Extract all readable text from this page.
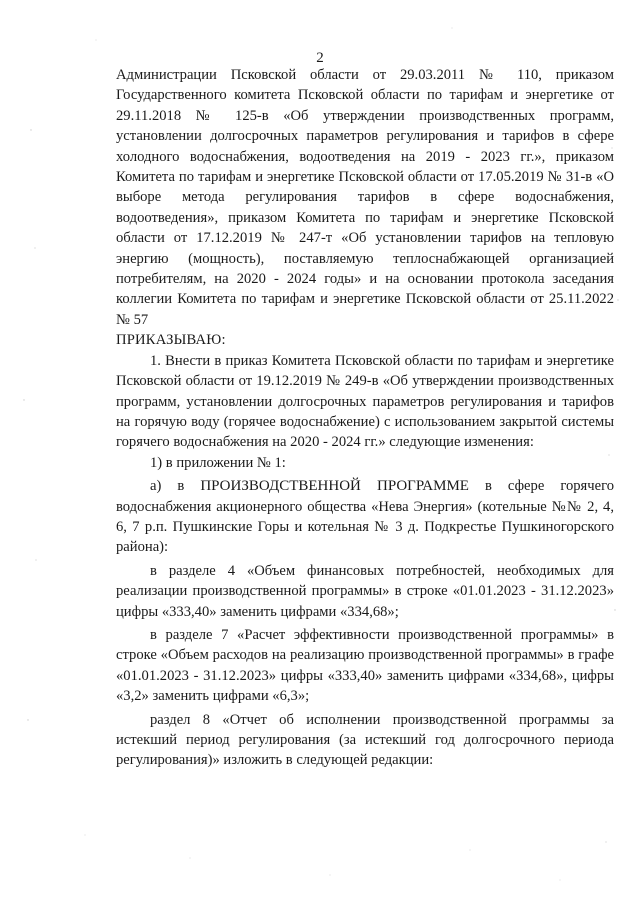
2

Администрации Псковской области от 29.03.2011 № 110, приказом Государственного комитета Псковской области по тарифам и энергетике от 29.11.2018 № 125-в «Об утверждении производственных программ, установлении долгосрочных параметров регулирования и тарифов в сфере холодного водоснабжения, водоотведения на 2019 - 2023 гг.», приказом Комитета по тарифам и энергетике Псковской области от 17.05.2019 № 31-в «О выборе метода регулирования тарифов в сфере водоснабжения, водоотведения», приказом Комитета по тарифам и энергетике Псковской области от 17.12.2019 № 247-т «Об установлении тарифов на тепловую энергию (мощность), поставляемую теплоснабжающей организацией потребителям, на 2020 - 2024 годы» и на основании протокола заседания коллегии Комитета по тарифам и энергетике Псковской области от 25.11.2022 № 57

ПРИКАЗЫВАЮ:

1. Внести в приказ Комитета Псковской области по тарифам и энергетике Псковской области от 19.12.2019 № 249-в «Об утверждении производственных программ, установлении долгосрочных параметров регулирования и тарифов на горячую воду (горячее водоснабжение) с использованием закрытой системы горячего водоснабжения на 2020 - 2024 гг.» следующие изменения:

1) в приложении № 1:

а) в ПРОИЗВОДСТВЕННОЙ ПРОГРАММЕ в сфере горячего водоснабжения акционерного общества «Нева Энергия» (котельные №№ 2, 4, 6, 7 р.п. Пушкинские Горы и котельная № 3 д. Подкрестье Пушкиногорского района):

в разделе 4 «Объем финансовых потребностей, необходимых для реализации производственной программы» в строке «01.01.2023 - 31.12.2023» цифры «333,40» заменить цифрами «334,68»;

в разделе 7 «Расчет эффективности производственной программы» в строке «Объем расходов на реализацию производственной программы» в графе «01.01.2023 - 31.12.2023» цифры «333,40» заменить цифрами «334,68», цифры «3,2» заменить цифрами «6,3»;

раздел 8 «Отчет об исполнении производственной программы за истекший период регулирования (за истекший год долгосрочного периода регулирования)» изложить в следующей редакции:
